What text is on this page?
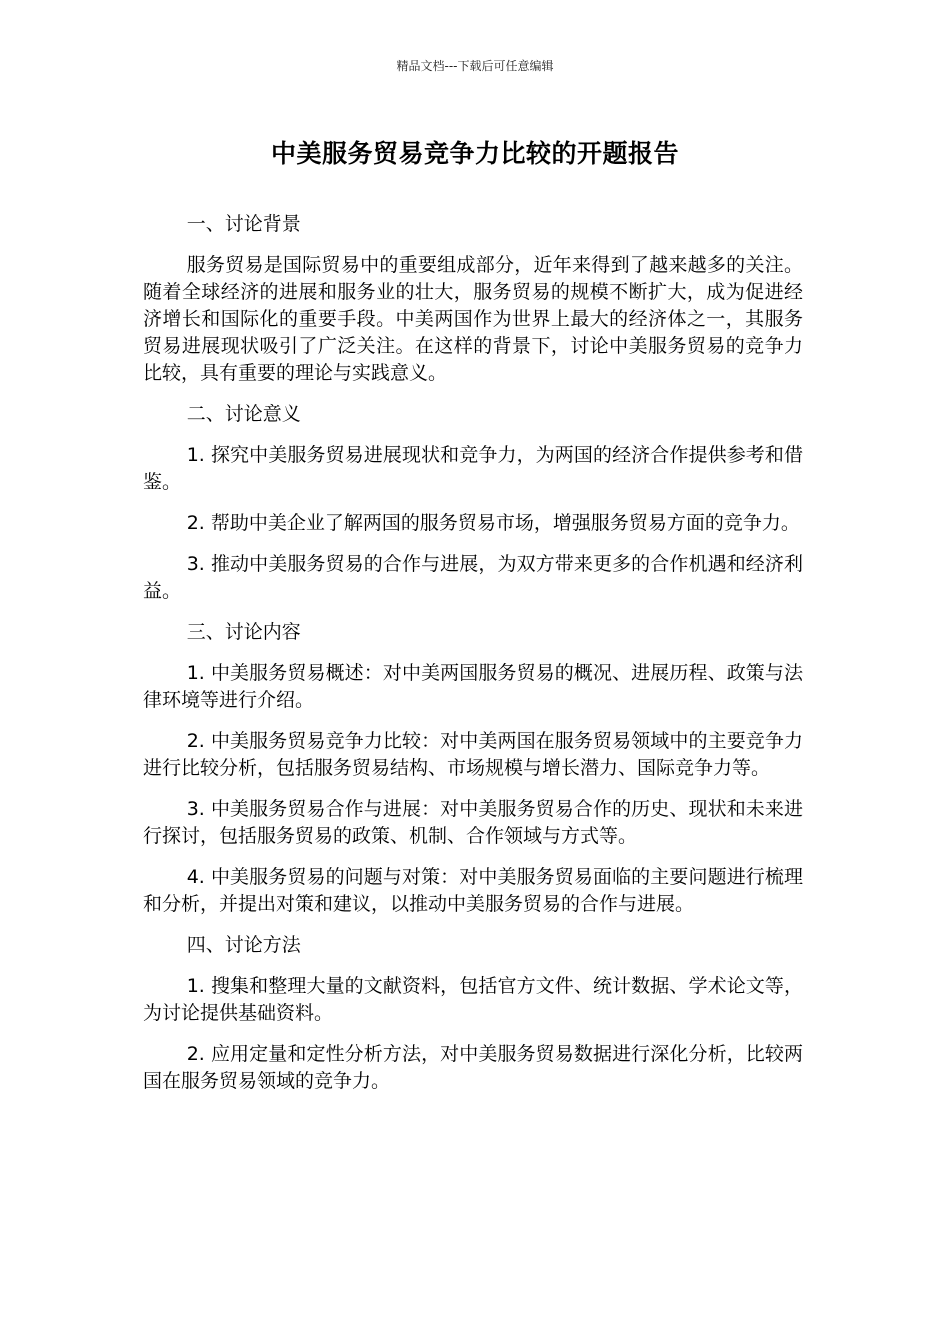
精品文档---下载后可任意编辑
中美服务贸易竞争力比较的开题报告
一、讨论背景

服务贸易是国际贸易中的重要组成部分，近年来得到了越来越多的关注。随着全球经济的进展和服务业的壮大，服务贸易的规模不断扩大，成为促进经济增长和国际化的重要手段。中美两国作为世界上最大的经济体之一，其服务贸易进展现状吸引了广泛关注。在这样的背景下，讨论中美服务贸易的竞争力比较，具有重要的理论与实践意义。

二、讨论意义

1. 探究中美服务贸易进展现状和竞争力，为两国的经济合作提供参考和借鉴。

2. 帮助中美企业了解两国的服务贸易市场，增强服务贸易方面的竞争力。

3. 推动中美服务贸易的合作与进展，为双方带来更多的合作机遇和经济利益。

三、讨论内容

1. 中美服务贸易概述：对中美两国服务贸易的概况、进展历程、政策与法律环境等进行介绍。

2. 中美服务贸易竞争力比较：对中美两国在服务贸易领域中的主要竞争力进行比较分析，包括服务贸易结构、市场规模与增长潜力、国际竞争力等。

3. 中美服务贸易合作与进展：对中美服务贸易合作的历史、现状和未来进行探讨，包括服务贸易的政策、机制、合作领域与方式等。

4. 中美服务贸易的问题与对策：对中美服务贸易面临的主要问题进行梳理和分析，并提出对策和建议，以推动中美服务贸易的合作与进展。

四、讨论方法

1. 搜集和整理大量的文献资料，包括官方文件、统计数据、学术论文等，为讨论提供基础资料。

2. 应用定量和定性分析方法，对中美服务贸易数据进行深化分析，比较两国在服务贸易领域的竞争力。
